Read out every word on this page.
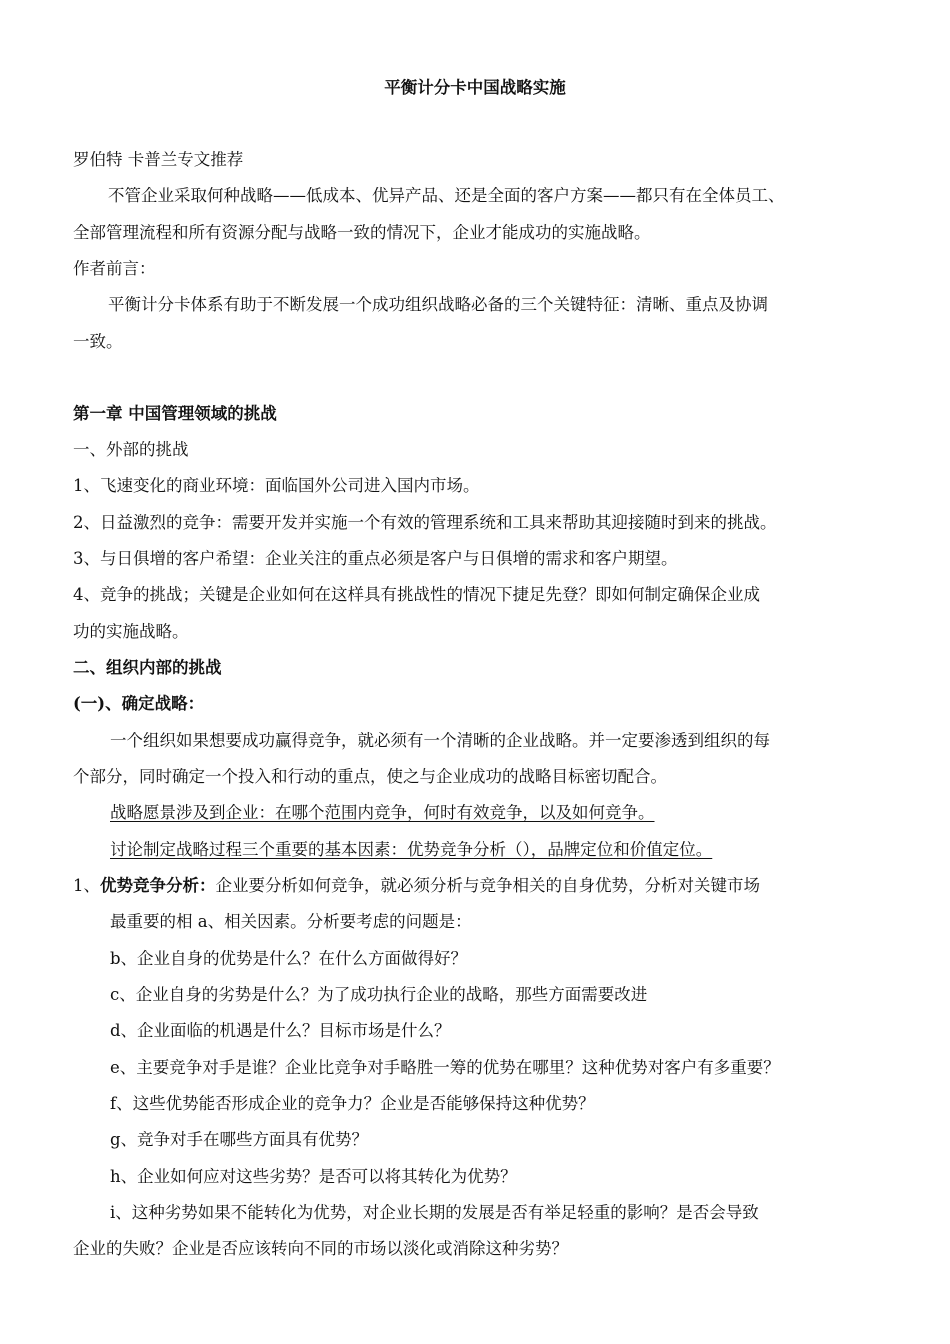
平衡计分卡中国战略实施
罗伯特 卡普兰专文推荐
不管企业采取何种战略——低成本、优异产品、还是全面的客户方案——都只有在全体员工、
全部管理流程和所有资源分配与战略一致的情况下，企业才能成功的实施战略。
作者前言：
平衡计分卡体系有助于不断发展一个成功组织战略必备的三个关键特征：清晰、重点及协调
一致。
第一章 中国管理领域的挑战
一、外部的挑战
1、飞速变化的商业环境：面临国外公司进入国内市场。
2、日益激烈的竞争：需要开发并实施一个有效的管理系统和工具来帮助其迎接随时到来的挑战。
3、与日俱增的客户希望：企业关注的重点必须是客户与日俱增的需求和客户期望。
4、竞争的挑战；关键是企业如何在这样具有挑战性的情况下捷足先登？即如何制定确保企业成
功的实施战略。
二、组织内部的挑战
(一)、确定战略：
一个组织如果想要成功赢得竞争，就必须有一个清晰的企业战略。并一定要渗透到组织的每
个部分，同时确定一个投入和行动的重点，使之与企业成功的战略目标密切配合。
战略愿景涉及到企业：在哪个范围内竞争，何时有效竞争，以及如何竞争。
讨论制定战略过程三个重要的基本因素：优势竞争分析（），品牌定位和价值定位。
1、优势竞争分析：企业要分析如何竞争，就必须分析与竞争相关的自身优势，分析对关键市场
最重要的相 a、相关因素。分析要考虑的问题是：
b、企业自身的优势是什么？在什么方面做得好？
c、企业自身的劣势是什么？为了成功执行企业的战略，那些方面需要改进
d、企业面临的机遇是什么？目标市场是什么？
e、主要竞争对手是谁？企业比竞争对手略胜一筹的优势在哪里？这种优势对客户有多重要？
f、这些优势能否形成企业的竞争力？企业是否能够保持这种优势？
g、竞争对手在哪些方面具有优势？
h、企业如何应对这些劣势？是否可以将其转化为优势？
i、这种劣势如果不能转化为优势，对企业长期的发展是否有举足轻重的影响？是否会导致
企业的失败？企业是否应该转向不同的市场以淡化或消除这种劣势？
